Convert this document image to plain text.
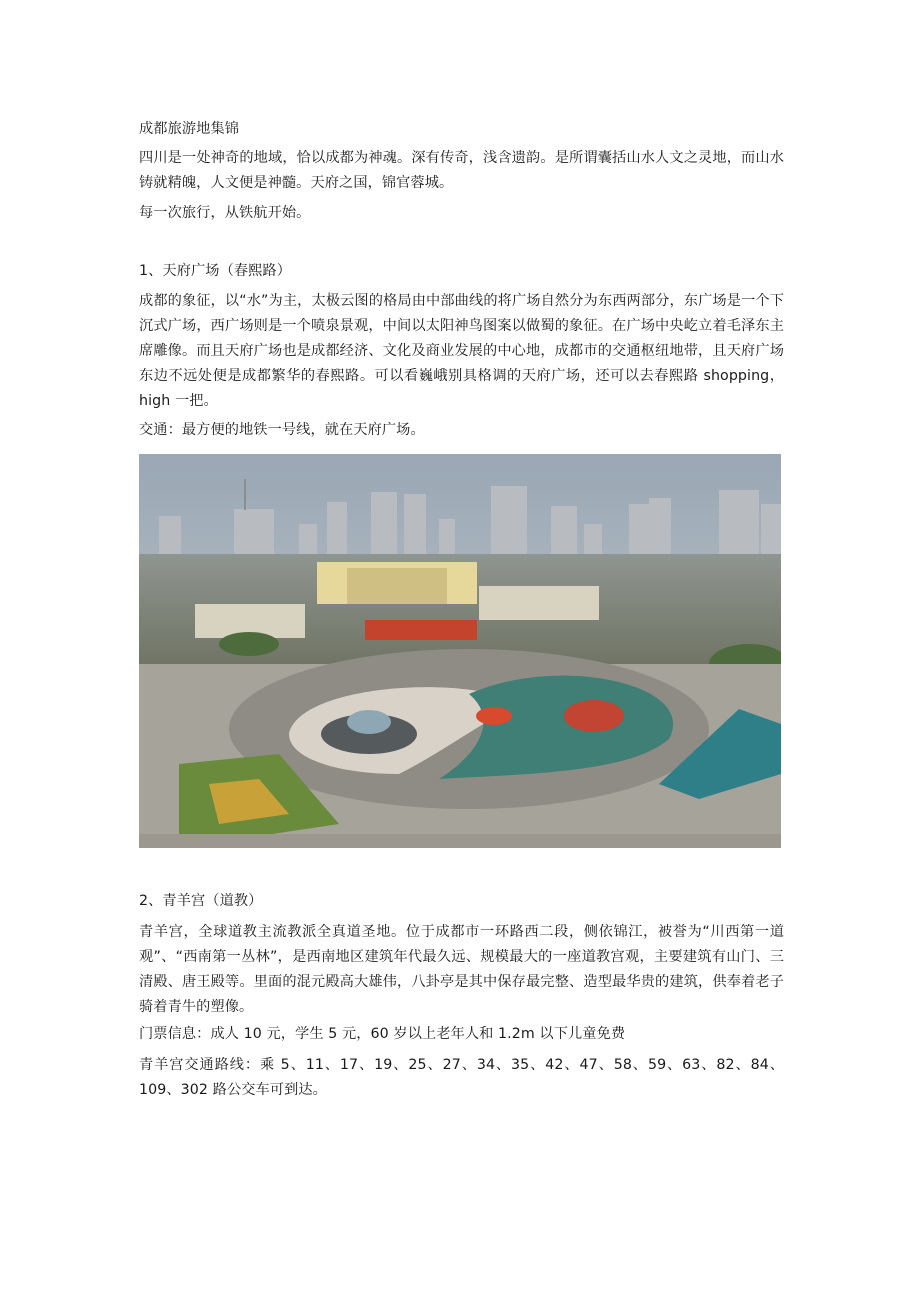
成都旅游地集锦

四川是一处神奇的地域，恰以成都为神魂。深有传奇，浅含遗韵。是所谓囊括山水人文之灵地，而山水铸就精魄，人文便是神髓。天府之国，锦官蓉城。

每一次旅行，从铁航开始。

1、天府广场（春熙路）

成都的象征，以“水”为主，太极云图的格局由中部曲线的将广场自然分为东西两部分，东广场是一个下沉式广场，西广场则是一个喷泉景观，中间以太阳神鸟图案以做蜀的象征。在广场中央屹立着毛泽东主席雕像。而且天府广场也是成都经济、文化及商业发展的中心地，成都市的交通枢纽地带，且天府广场东边不远处便是成都繁华的春熙路。可以看巍峨别具格调的天府广场，还可以去春熙路 shopping，high 一把。

交通：最方便的地铁一号线，就在天府广场。

2、青羊宫（道教）

青羊宫，全球道教主流教派全真道圣地。位于成都市一环路西二段，侧依锦江，被誉为“川西第一道观”、“西南第一丛林”，是西南地区建筑年代最久远、规模最大的一座道教宫观，主要建筑有山门、三清殿、唐王殿等。里面的混元殿高大雄伟，八卦亭是其中保存最完整、造型最华贵的建筑，供奉着老子骑着青牛的塑像。

门票信息：成人 10 元，学生 5 元，60 岁以上老年人和 1.2m 以下儿童免费

青羊宫交通路线：乘 5、11、17、19、25、27、34、35、42、47、58、59、63、82、84、109、302 路公交车可到达。
